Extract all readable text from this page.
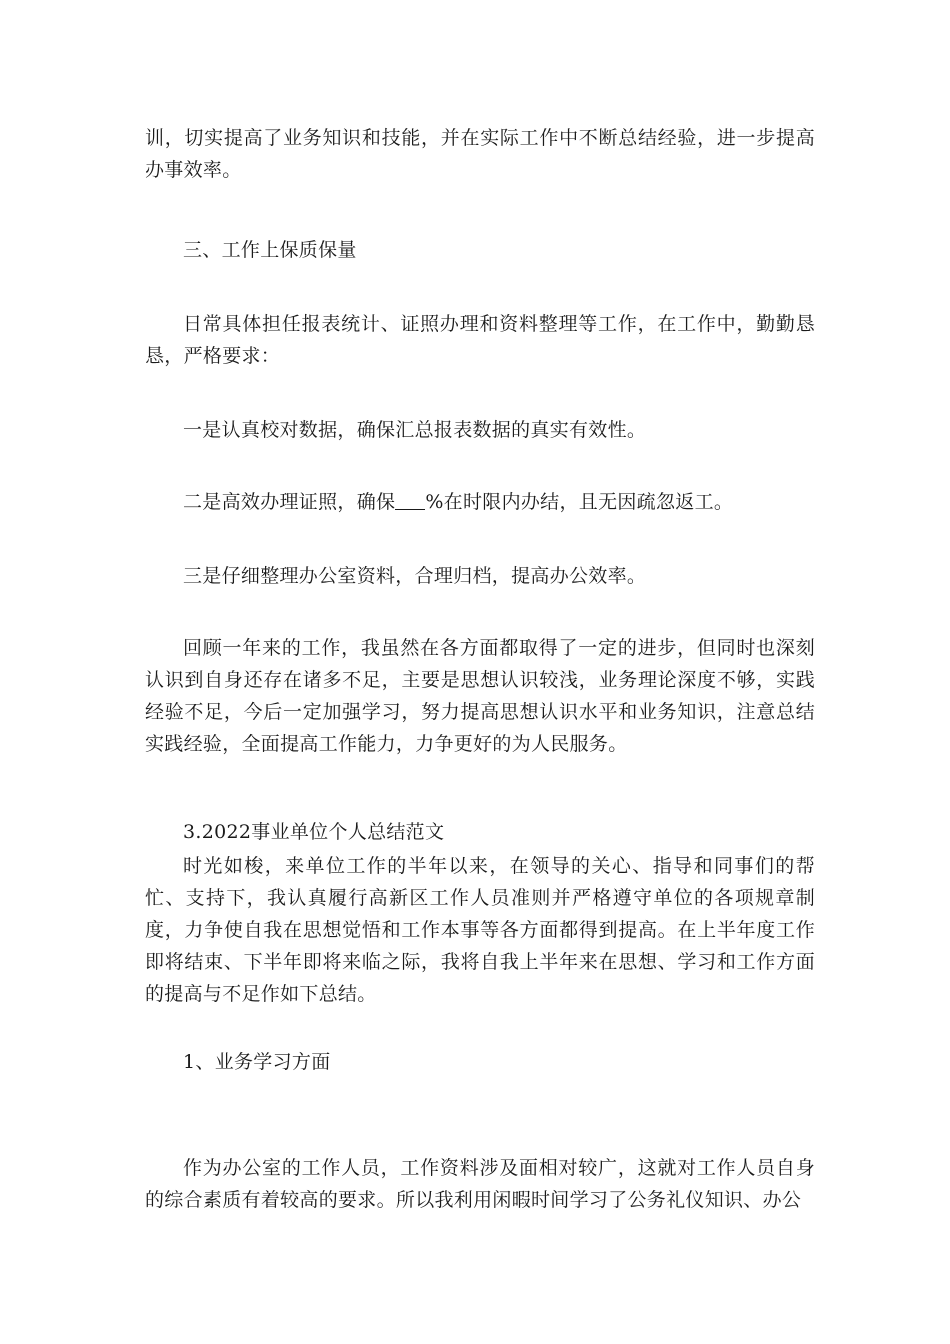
训，切实提高了业务知识和技能，并在实际工作中不断总结经验，进一步提高办事效率。

三、工作上保质保量

日常具体担任报表统计、证照办理和资料整理等工作，在工作中，勤勤恳恳，严格要求：

一是认真校对数据，确保汇总报表数据的真实有效性。

二是高效办理证照，确保 %在时限内办结，且无因疏忽返工。

三是仔细整理办公室资料，合理归档，提高办公效率。

回顾一年来的工作，我虽然在各方面都取得了一定的进步，但同时也深刻认识到自身还存在诸多不足，主要是思想认识较浅，业务理论深度不够，实践经验不足，今后一定加强学习，努力提高思想认识水平和业务知识，注意总结实践经验，全面提高工作能力，力争更好的为人民服务。

3.2022事业单位个人总结范文

时光如梭，来单位工作的半年以来，在领导的关心、指导和同事们的帮忙、支持下，我认真履行高新区工作人员准则并严格遵守单位的各项规章制度，力争使自我在思想觉悟和工作本事等各方面都得到提高。在上半年度工作即将结束、下半年即将来临之际，我将自我上半年来在思想、学习和工作方面的提高与不足作如下总结。

1、业务学习方面

作为办公室的工作人员，工作资料涉及面相对较广，这就对工作人员自身的综合素质有着较高的要求。所以我利用闲暇时间学习了公务礼仪知识、办公
